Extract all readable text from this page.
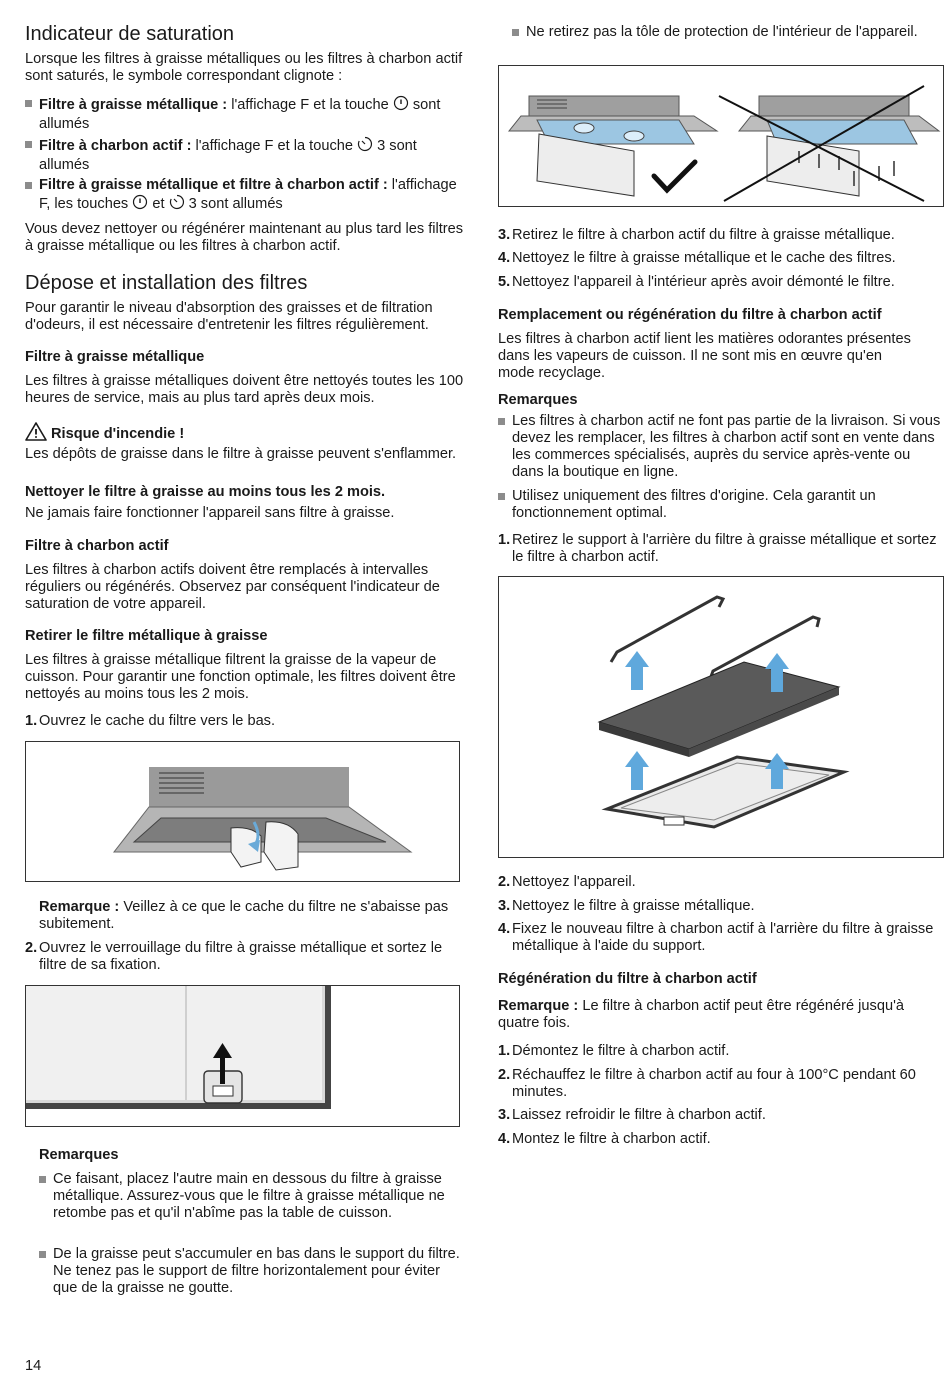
Indicateur de saturation

Lorsque les filtres à graisse métalliques ou les filtres à charbon actif sont saturés, le symbole correspondant clignote :

Filtre à graisse métallique : l'affichage F et la touche  sont allumés
Filtre à charbon actif : l'affichage F et la touche  3 sont allumés
Filtre à graisse métallique et filtre à charbon actif : l'affichage F, les touches  et  3 sont allumés

Vous devez nettoyer ou régénérer maintenant au plus tard les filtres à graisse métallique ou les filtres à charbon actif.

Dépose et installation des filtres

Pour garantir le niveau d'absorption des graisses et de filtration d'odeurs, il est nécessaire d'entretenir les filtres régulièrement.

Filtre à graisse métallique

Les filtres à graisse métalliques doivent être nettoyés toutes les 100 heures de service, mais au plus tard après deux mois.

Risque d'incendie !

Les dépôts de graisse dans le filtre à graisse peuvent s'enflammer.

Nettoyer le filtre à graisse au moins tous les 2 mois.

Ne jamais faire fonctionner l'appareil sans filtre à graisse.

Filtre à charbon actif

Les filtres à charbon actifs doivent être remplacés à intervalles réguliers ou régénérés. Observez par conséquent l'indicateur de saturation de votre appareil.

Retirer le filtre métallique à graisse

Les filtres à graisse métallique filtrent la graisse de la vapeur de cuisson. Pour garantir une fonction optimale, les filtres doivent être nettoyés au moins tous les 2 mois.

1. Ouvrez le cache du filtre vers le bas.

Remarque : Veillez à ce que le cache du filtre ne s'abaisse pas subitement.

2. Ouvrez le verrouillage du filtre à graisse métallique et sortez le filtre de sa fixation.
Remarques
Ce faisant, placez l'autre main en dessous du filtre à graisse métallique. Assurez-vous que le filtre à graisse métallique ne retombe pas et qu'il n'abîme pas la table de cuisson.
De la graisse peut s'accumuler en bas dans le support du filtre. Ne tenez pas le support de filtre horizontalement pour éviter que de la graisse ne goutte.

14

Ne retirez pas la tôle de protection de l'intérieur de l'appareil.
3. Retirez le filtre à charbon actif du filtre à graisse métallique.
4. Nettoyez le filtre à graisse métallique et le cache des filtres.
5. Nettoyez l'appareil à l'intérieur après avoir démonté le filtre.
Remplacement ou régénération du filtre à charbon actif

Les filtres à charbon actif lient les matières odorantes présentes dans les vapeurs de cuisson. Il ne sont mis en œuvre qu'en mode recyclage.

Remarques
Les filtres à charbon actif ne font pas partie de la livraison. Si vous devez les remplacer, les filtres à charbon actif sont en vente dans les commerces spécialisés, auprès du service après-vente ou dans la boutique en ligne.
Utilisez uniquement des filtres d'origine. Cela garantit un fonctionnement optimal.
1. Retirez le support à l'arrière du filtre à graisse métallique et sortez le filtre à charbon actif.
2. Nettoyez l'appareil.
3. Nettoyez le filtre à graisse métallique.
4. Fixez le nouveau filtre à charbon actif à l'arrière du filtre à graisse métallique à l'aide du support.
Régénération du filtre à charbon actif

Remarque : Le filtre à charbon actif peut être régénéré jusqu'à quatre fois.

1. Démontez le filtre à charbon actif.
2. Réchauffez le filtre à charbon actif au four à 100°C pendant 60 minutes.
3. Laissez refroidir le filtre à charbon actif.
4. Montez le filtre à charbon actif.
